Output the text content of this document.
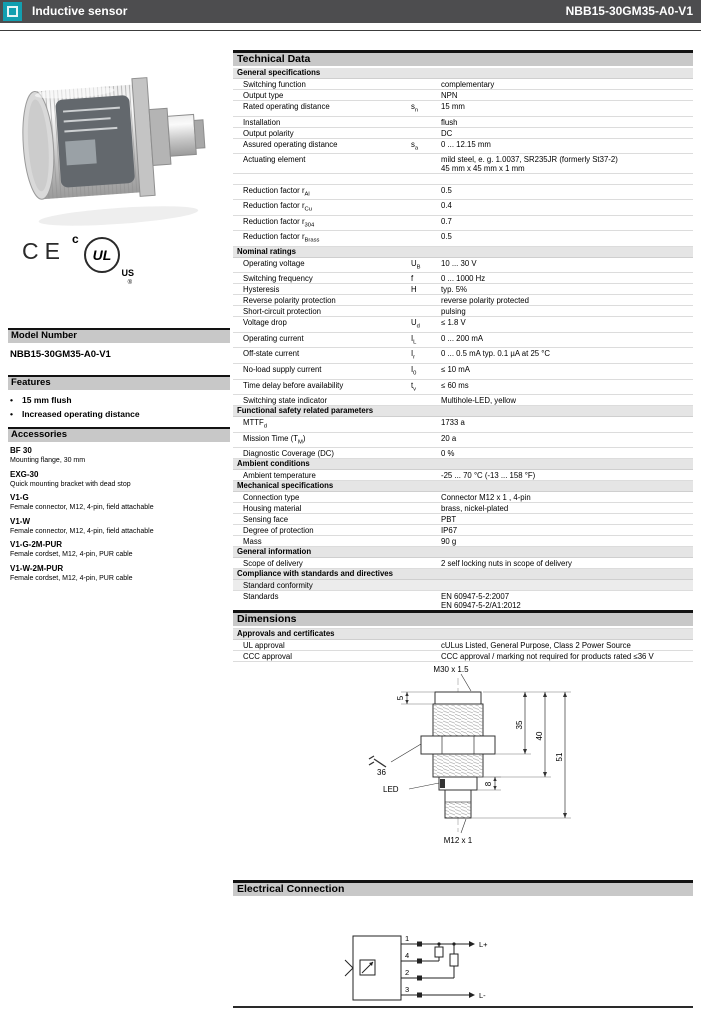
Inductive sensor	NBB15-30GM35-A0-V1
CE c
UL
US
®
Model Number
NBB15-30GM35-A0-V1
Features
• 15 mm flush
• Increased operating distance
Accessories
BF 30
Mounting flange, 30 mm
EXG-30
Quick mounting bracket with dead stop
V1-G
Female connector, M12, 4-pin, field attachable
V1-W
Female connector, M12, 4-pin, field attachable
V1-G-2M-PUR
Female cordset, M12, 4-pin, PUR cable
V1-W-2M-PUR
Female cordset, M12, 4-pin, PUR cable
Technical Data
General specifications
Switching function	complementary
Output type	NPN
Rated operating distance	$s_n$	15 mm
Installation	flush
Output polarity	DC
Assured operating distance	$s_a$	0 ... 12.15 mm
Actuating element	mild steel, e. g. 1.0037, SR235JR (formerly St37-2)
45 mm x 45 mm x 1 mm
Reduction factor $r_{Al}$	0.5
Reduction factor $r_{Cu}$	0.4
Reduction factor $r_{304}$	0.7
Reduction factor $r_{Brass}$	0.5
Nominal ratings
Operating voltage	$U_B$	10 ... 30 V
Switching frequency	f	0 ... 1000 Hz
Hysteresis	H	typ. 5%
Reverse polarity protection	reverse polarity protected
Short-circuit protection	pulsing
Voltage drop	$U_d$	≤ 1.8 V
Operating current	$I_L$	0 ... 200 mA
Off-state current	$I_r$	0 ... 0.5 mA typ. 0.1 µA at 25 °C
No-load supply current	$I_0$	≤ 10 mA
Time delay before availability	$t_v$	≤ 60 ms
Switching state indicator	Multihole-LED, yellow
Functional safety related parameters
$MTTF_d$	1733 a
Mission Time $(T_M)$	20 a
Diagnostic Coverage (DC)	0 %
Ambient conditions
Ambient temperature	-25 ... 70 °C (-13 ... 158 °F)
Mechanical specifications
Connection type	Connector M12 x 1 , 4-pin
Housing material	brass, nickel-plated
Sensing face	PBT
Degree of protection	IP67
Mass	90 g
General information
Scope of delivery	2 self locking nuts in scope of delivery
Compliance with standards and directives
Standard conformity
Standards	EN 60947-5-2:2007
EN 60947-5-2/A1:2012
Approvals and certificates
UL approval	cULus Listed, General Purpose, Class 2 Power Source
CCC approval	CCC approval / marking not required for products rated ≤36 V
Dimensions
M30 x 1.5
5
35
40
51
8
36
LED
M12 x 1
Electrical Connection
1
4
2
3
L+
L-
